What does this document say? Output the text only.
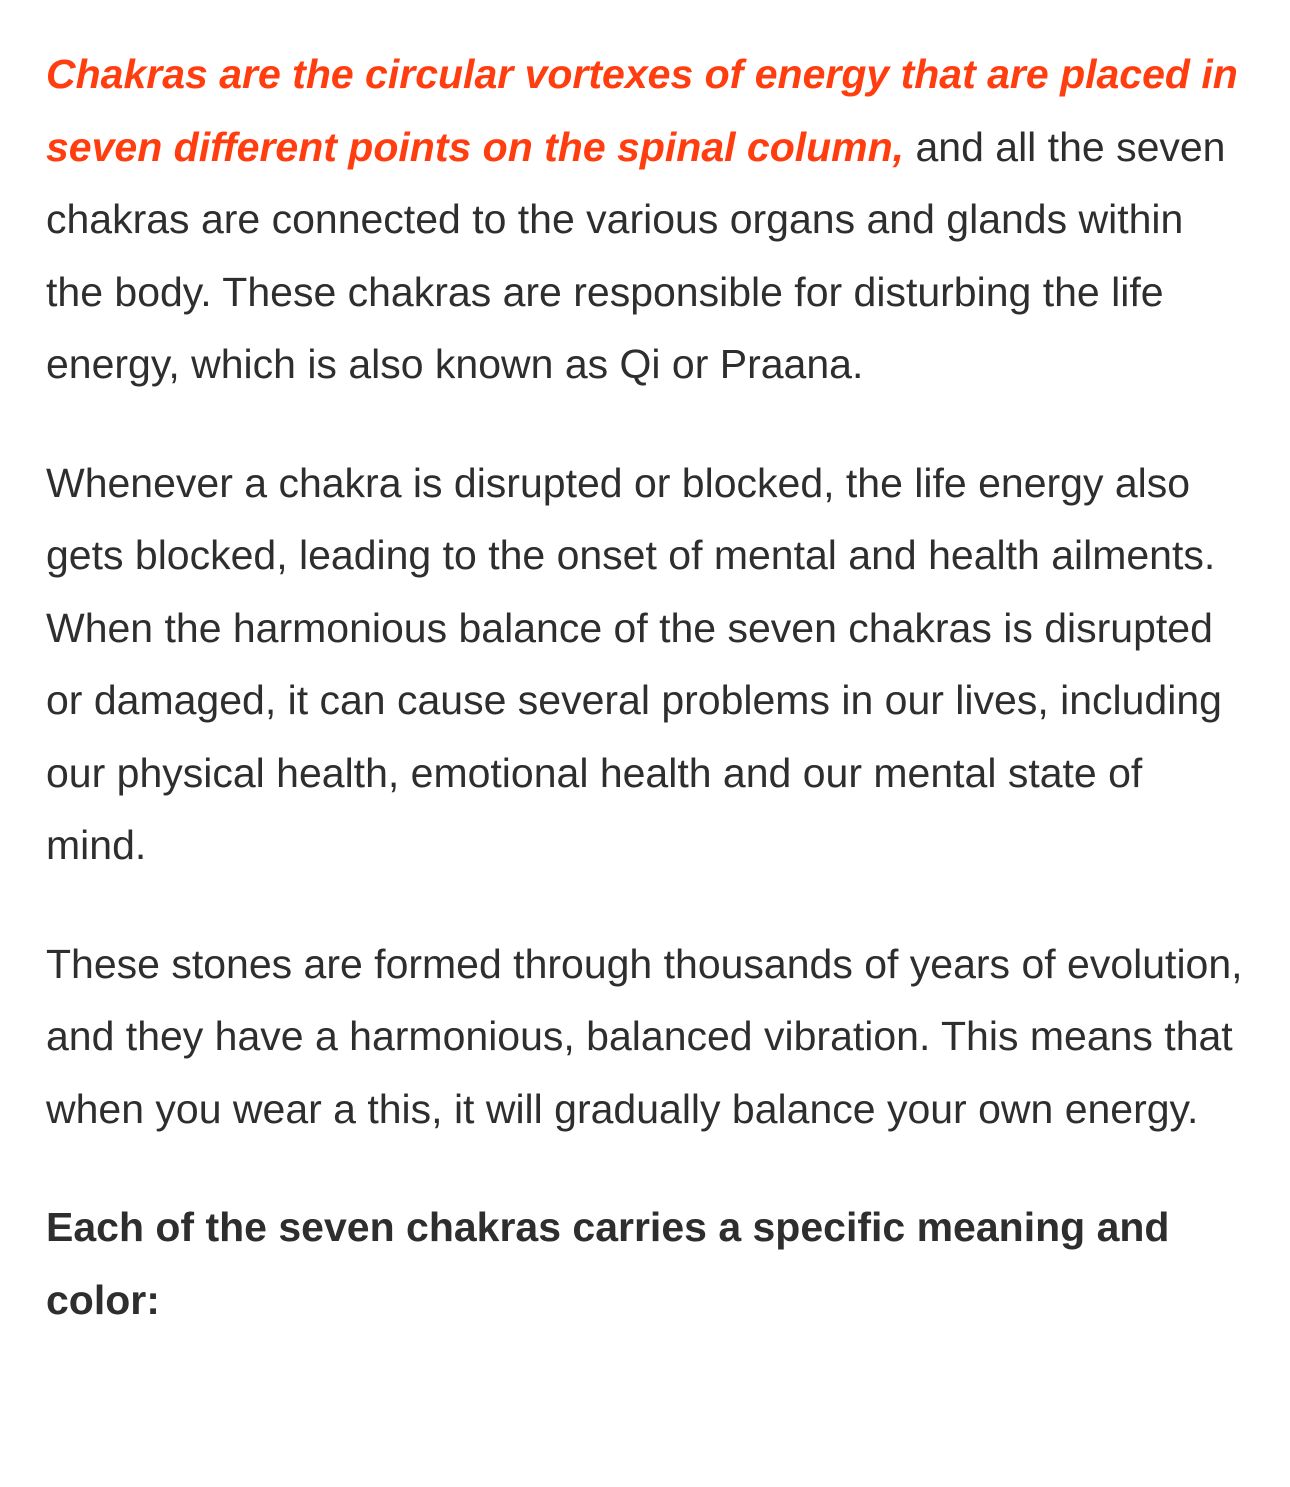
Chakras are the circular vortexes of energy that are placed in seven different points on the spinal column, and all the seven chakras are connected to the various organs and glands within the body. These chakras are responsible for disturbing the life energy, which is also known as Qi or Praana.

Whenever a chakra is disrupted or blocked, the life energy also gets blocked, leading to the onset of mental and health ailments. When the harmonious balance of the seven chakras is disrupted or damaged, it can cause several problems in our lives, including our physical health, emotional health and our mental state of mind.

These stones are formed through thousands of years of evolution, and they have a harmonious, balanced vibration. This means that when you wear a this, it will gradually balance your own energy.

Each of the seven chakras carries a specific meaning and color:
